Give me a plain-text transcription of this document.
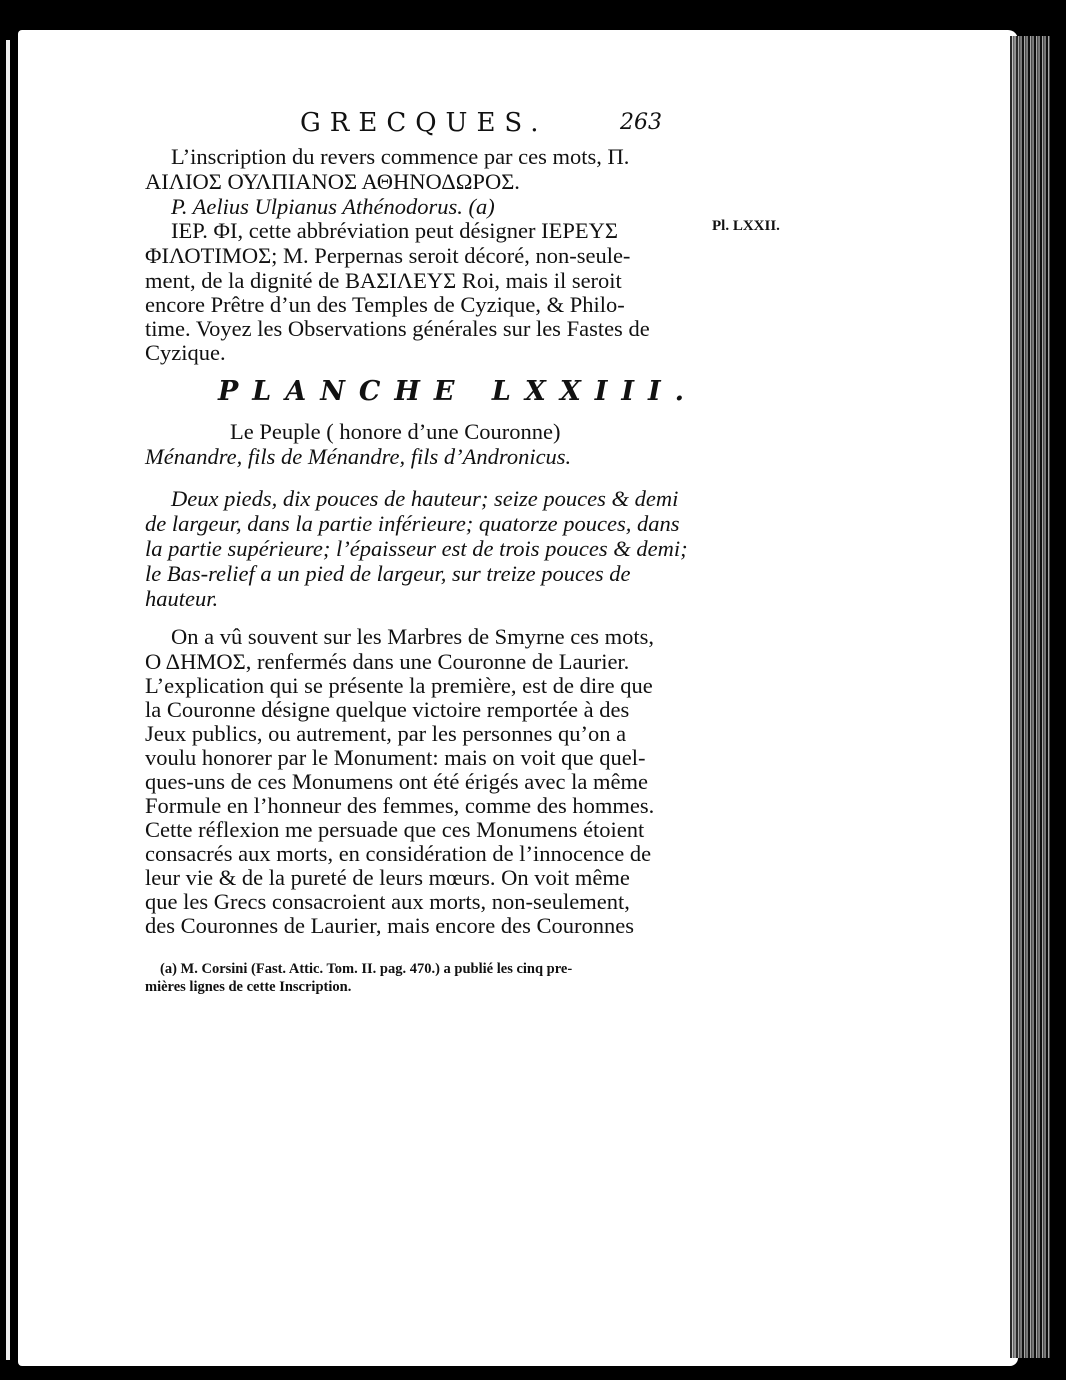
GRECQUES.	263
Pl. LXXII.
L’inscription du revers commence par ces mots, Π.
ΑΙΛΙΟΣ ΟΥΛΠΙΑΝΟΣ ΑΘΗΝΟΔΩΡΟΣ.
P. Aelius Ulpianus Athénodorus. (a)
ΙΕΡ. ΦΙ, cette abbréviation peut désigner ΙΕΡΕΥΣ
ΦΙΛΟΤΙΜΟΣ; M. Perpernas seroit décoré, non-seule-
ment, de la dignité de ΒΑΣΙΛΕΥΣ Roi, mais il seroit
encore Prêtre d’un des Temples de Cyzique, & Philo-
time. Voyez les Observations générales sur les Fastes de
Cyzique.
PLANCHE LXXIII.
Le Peuple ( honore d’une Couronne)
Ménandre, fils de Ménandre, fils d’Andronicus.
Deux pieds, dix pouces de hauteur; seize pouces & demi
de largeur, dans la partie inférieure; quatorze pouces, dans
la partie supérieure; l’épaisseur est de trois pouces & demi;
le Bas-relief a un pied de largeur, sur treize pouces de
hauteur.
On a vû souvent sur les Marbres de Smyrne ces mots,
Ο ΔΗΜΟΣ, renfermés dans une Couronne de Laurier.
L’explication qui se présente la première, est de dire que
la Couronne désigne quelque victoire remportée à des
Jeux publics, ou autrement, par les personnes qu’on a
voulu honorer par le Monument: mais on voit que quel-
ques-uns de ces Monumens ont été érigés avec la même
Formule en l’honneur des femmes, comme des hommes.
Cette réflexion me persuade que ces Monumens étoient
consacrés aux morts, en considération de l’innocence de
leur vie & de la pureté de leurs mœurs. On voit même
que les Grecs consacroient aux morts, non-seulement,
des Couronnes de Laurier, mais encore des Couronnes
(a) M. Corsini (Fast. Attic. Tom. II. pag. 470.) a publié les cinq pre-
mières lignes de cette Inscription.
